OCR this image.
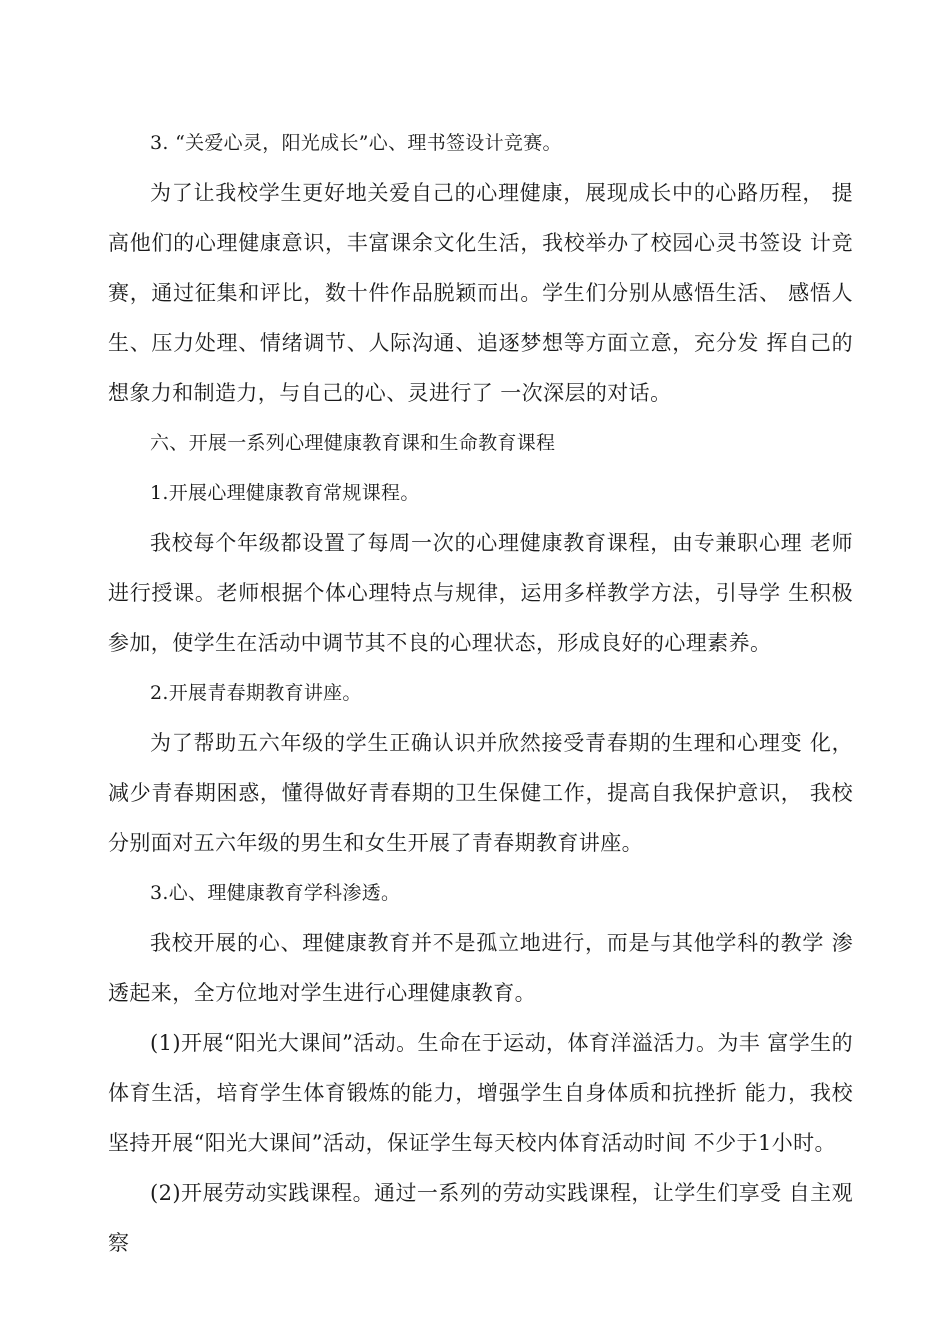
3. “关爱心灵，阳光成长”心、理书签设计竞赛。

为了让我校学生更好地关爱自己的心理健康，展现成长中的心路历程， 提高他们的心理健康意识，丰富课余文化生活，我校举办了校园心灵书签设 计竞赛，通过征集和评比，数十件作品脱颖而出。学生们分别从感悟生活、 感悟人生、压力处理、情绪调节、人际沟通、追逐梦想等方面立意，充分发 挥自己的想象力和制造力，与自己的心、灵进行了 一次深层的对话。

六、开展一系列心理健康教育课和生命教育课程

1.开展心理健康教育常规课程。

我校每个年级都设置了每周一次的心理健康教育课程，由专兼职心理 老师进行授课。老师根据个体心理特点与规律，运用多样教学方法，引导学 生积极参加，使学生在活动中调节其不良的心理状态，形成良好的心理素养。

2.开展青春期教育讲座。

为了帮助五六年级的学生正确认识并欣然接受青春期的生理和心理变 化，减少青春期困惑，懂得做好青春期的卫生保健工作，提高自我保护意识， 我校分别面对五六年级的男生和女生开展了青春期教育讲座。

3.心、理健康教育学科渗透。

我校开展的心、理健康教育并不是孤立地进行，而是与其他学科的教学 渗透起来，全方位地对学生进行心理健康教育。

(1)开展“阳光大课间”活动。生命在于运动，体育洋溢活力。为丰 富学生的体育生活，培育学生体育锻炼的能力，增强学生自身体质和抗挫折 能力，我校坚持开展“阳光大课间”活动，保证学生每天校内体育活动时间 不少于1小时。

(2)开展劳动实践课程。通过一系列的劳动实践课程，让学生们享受 自主观察
